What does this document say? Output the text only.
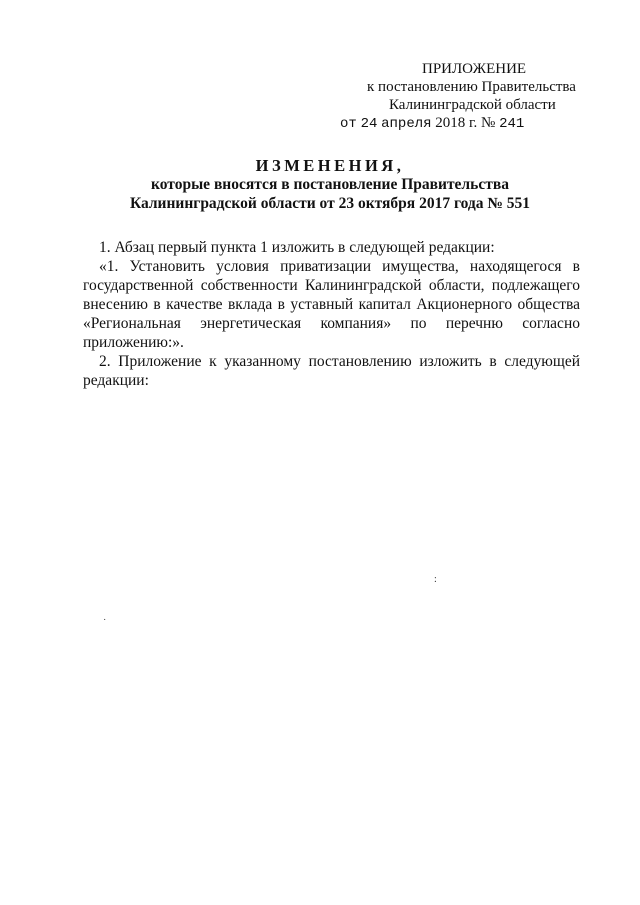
ПРИЛОЖЕНИЕ
к постановлению Правительства
Калининградской области
от 24 апреля 2018 г. № 241
ИЗМЕНЕНИЯ,
которые вносятся в постановление Правительства
Калининградской области от 23 октября 2017 года № 551

1. Абзац первый пункта 1 изложить в следующей редакции:

«1. Установить условия приватизации имущества, находящегося в государственной собственности Калининградской области, подлежащего внесению в качестве вклада в уставный капитал Акционерного общества «Региональная энергетическая компания» по перечню согласно приложению:».

2. Приложение к указанному постановлению изложить в следующей редакции:

:
˙
